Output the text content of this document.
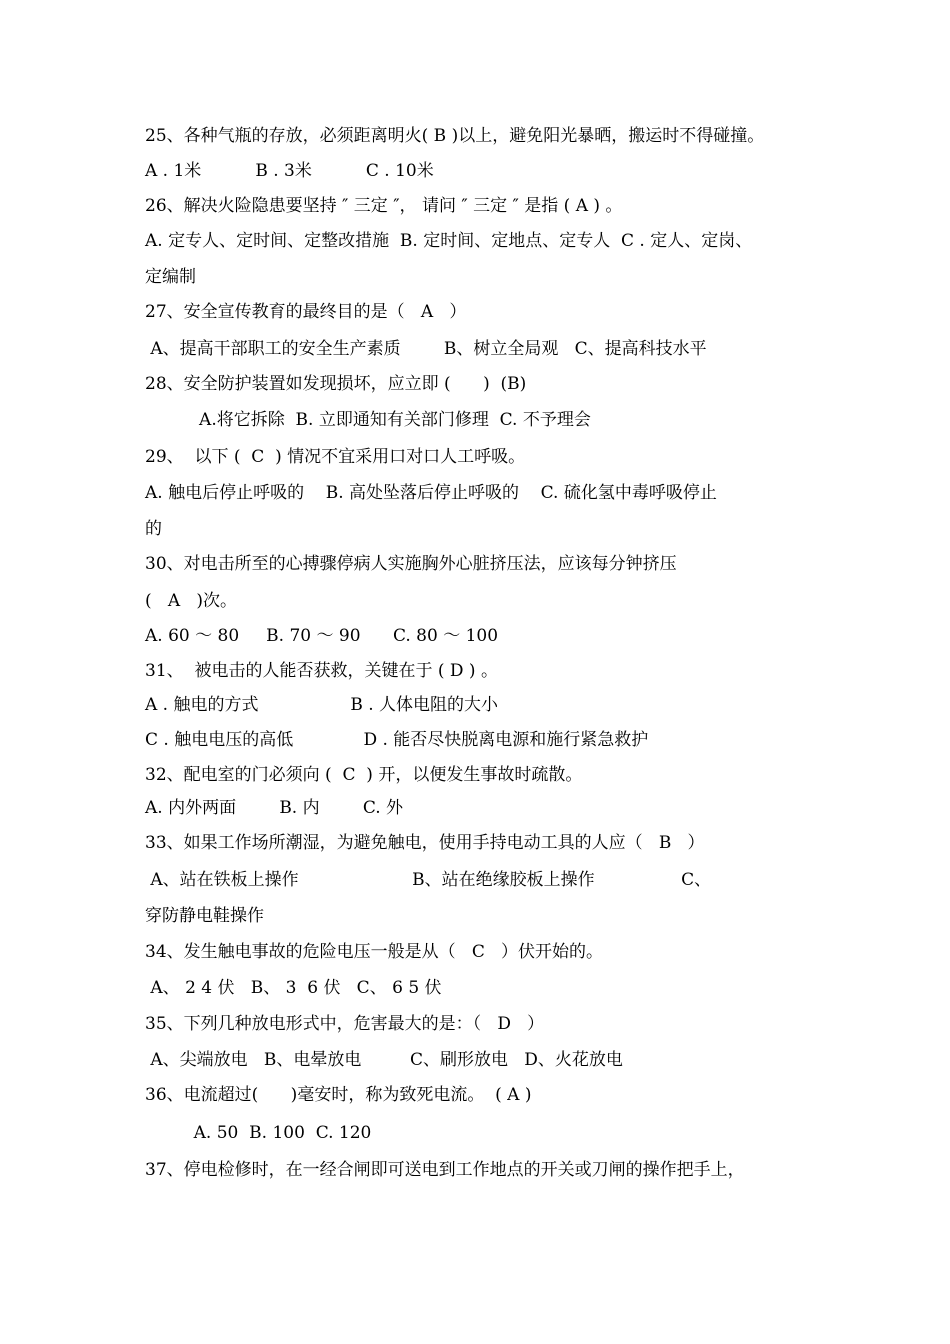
25、各种气瓶的存放，必须距离明火( B )以上，避免阳光暴晒，搬运时不得碰撞。
A . 1米          B . 3米          C . 10米
26、解决火险隐患要坚持 ″ 三定 ″， 请问 ″ 三定 ″ 是指 ( A ) 。
A. 定专人、定时间、定整改措施  B. 定时间、定地点、定专人  C . 定人、定岗、
定编制
27、安全宣传教育的最终目的是（   A   ）
A、提高干部职工的安全生产素质        B、树立全局观   C、提高科技水平
28、安全防护装置如发现损坏，应立即 (      )  (B)
A.将它拆除  B. 立即通知有关部门修理  C. 不予理会
29、  以下 (  C  ) 情况不宜采用口对口人工呼吸。
A. 触电后停止呼吸的    B. 高处坠落后停止呼吸的    C. 硫化氢中毒呼吸停止
的
30、对电击所至的心搏骤停病人实施胸外心脏挤压法，应该每分钟挤压
(   A   )次。
A. 60 ～ 80     B. 70 ～ 90      C. 80 ～ 100
31、  被电击的人能否获救，关键在于 ( D ) 。
A . 触电的方式                 B . 人体电阻的大小
C . 触电电压的高低             D . 能否尽快脱离电源和施行紧急救护
32、配电室的门必须向 (  C  ) 开，以便发生事故时疏散。
A. 内外两面        B. 内        C. 外
33、如果工作场所潮湿，为避免触电，使用手持电动工具的人应（   B   ）
A、站在铁板上操作                     B、站在绝缘胶板上操作                C、
穿防静电鞋操作
34、发生触电事故的危险电压一般是从（   C   ）伏开始的。
A、 2 4 伏   B、 3  6 伏   C、 6 5 伏
35、下列几种放电形式中，危害最大的是：（   D   ）
A、尖端放电   B、电晕放电         C、刷形放电   D、火花放电
36、电流超过(      )毫安时，称为致死电流。  ( A )
A. 50  B. 100  C. 120
37、停电检修时，在一经合闸即可送电到工作地点的开关或刀闸的操作把手上，
